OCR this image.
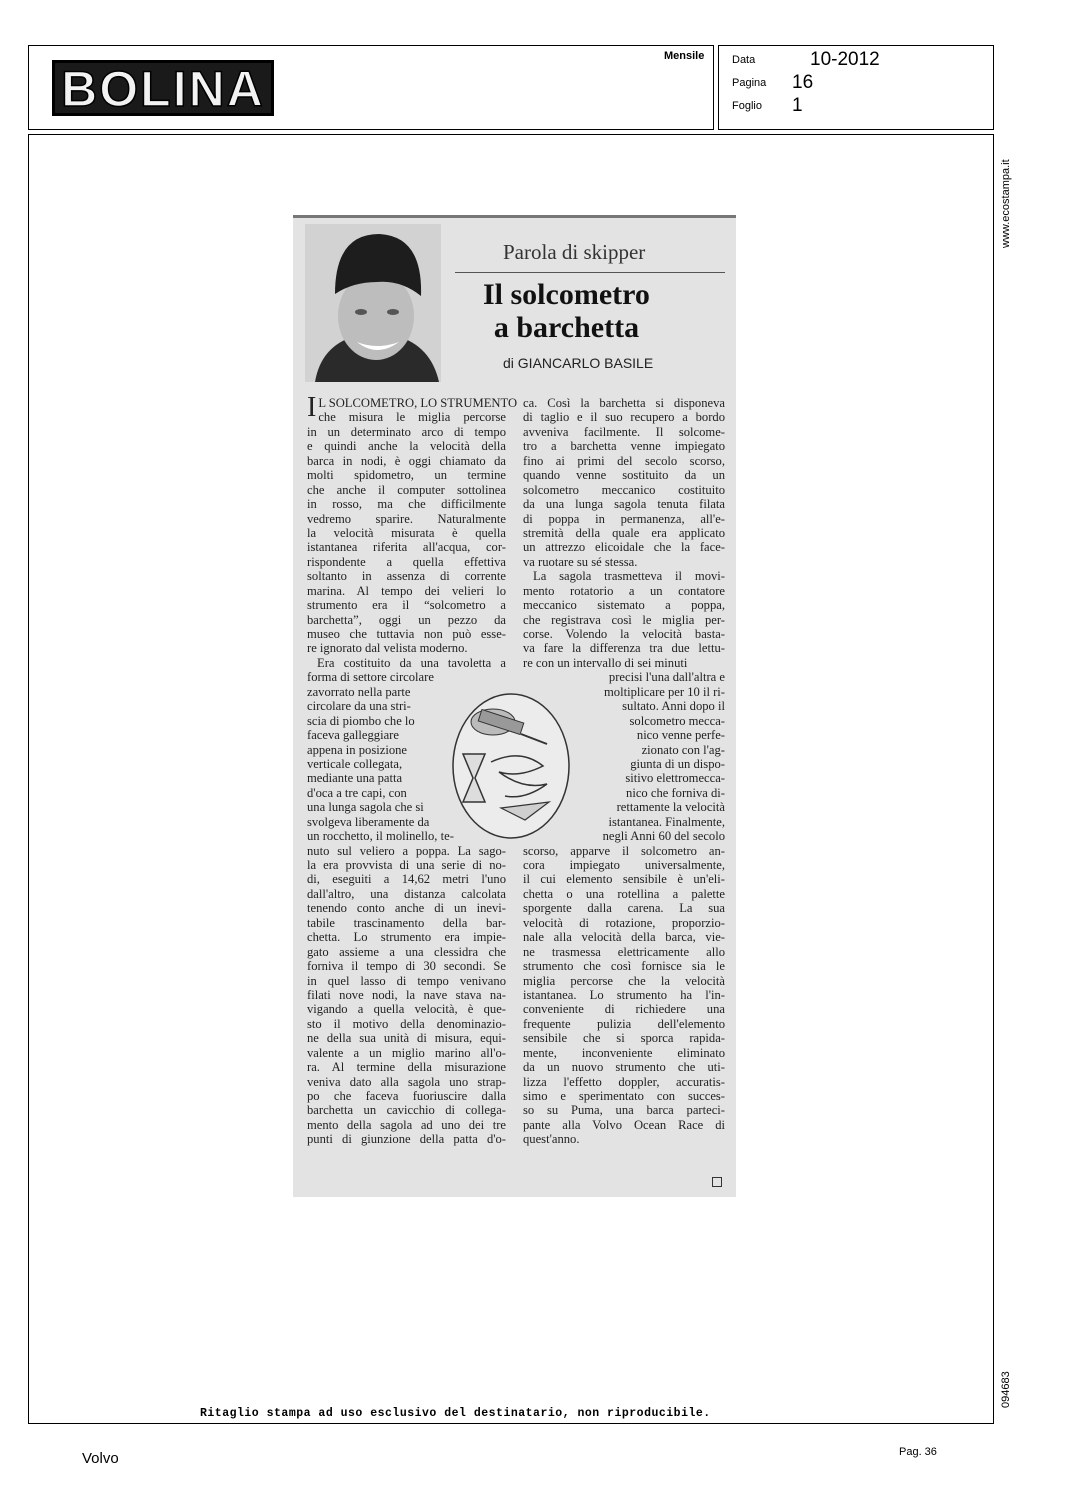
BOLINA
Mensile	Data	10-2012
Pagina 16
Foglio 1
www.ecostampa.it
094683
Parola di skipper
Il solcometro
a barchetta
di GIANCARLO BASILE

I L SOLCOMETRO, LO STRUMENTO

che misura le miglia percorse

in un determinato arco di tempo

e quindi anche la velocità della

barca in nodi, è oggi chiamato da

molti spidometro, un termine

che anche il computer sottolinea

in rosso, ma che difficilmente

vedremo sparire. Naturalmente

la velocità misurata è quella

istantanea riferita all'acqua, cor-

rispondente a quella effettiva

soltanto in assenza di corrente

marina. Al tempo dei velieri lo

strumento era il “solcometro a

barchetta”, oggi un pezzo da

museo che tuttavia non può esse-

re ignorato dal velista moderno.

Era costituito da una tavoletta a

forma di settore circolare

zavorrato nella parte

circolare da una stri-

scia di piombo che lo

faceva galleggiare

appena in posizione

verticale collegata,

mediante una patta

d'oca a tre capi, con

una lunga sagola che si

svolgeva liberamente da

un rocchetto, il molinello, te-

nuto sul veliero a poppa. La sago-

la era provvista di una serie di no-

di, eseguiti a 14,62 metri l'uno

dall'altro, una distanza calcolata

tenendo conto anche di un inevi-

tabile trascinamento della bar-

chetta. Lo strumento era impie-

gato assieme a una clessidra che

forniva il tempo di 30 secondi. Se

in quel lasso di tempo venivano

filati nove nodi, la nave stava na-

vigando a quella velocità, è que-

sto il motivo della denominazio-

ne della sua unità di misura, equi-

valente a un miglio marino all'o-

ra. Al termine della misurazione

veniva dato alla sagola uno strap-

po che faceva fuoriuscire dalla

barchetta un cavicchio di collega-

mento della sagola ad uno dei tre

punti di giunzione della patta d'o-

ca. Così la barchetta si disponeva

di taglio e il suo recupero a bordo

avveniva facilmente. Il solcome-

tro a barchetta venne impiegato

fino ai primi del secolo scorso,

quando venne sostituito da un

solcometro meccanico costituito

da una lunga sagola tenuta filata

di poppa in permanenza, all'e-

stremità della quale era applicato

un attrezzo elicoidale che la face-

va ruotare su sé stessa.

La sagola trasmetteva il movi-

mento rotatorio a un contatore

meccanico sistemato a poppa,

che registrava così le miglia per-

corse. Volendo la velocità basta-

va fare la differenza tra due lettu-

re con un intervallo di sei minuti

precisi l'una dall'altra e

moltiplicare per 10 il ri-

sultato. Anni dopo il

solcometro mecca-

nico venne perfe-

zionato con l'ag-

giunta di un dispo-

sitivo elettromecca-

nico che forniva di-

rettamente la velocità

istantanea. Finalmente,

negli Anni 60 del secolo

scorso, apparve il solcometro an-

cora impiegato universalmente,

il cui elemento sensibile è un'eli-

chetta o una rotellina a palette

sporgente dalla carena. La sua

velocità di rotazione, proporzio-

nale alla velocità della barca, vie-

ne trasmessa elettricamente allo

strumento che così fornisce sia le

miglia percorse che la velocità

istantanea. Lo strumento ha l'in-

conveniente di richiedere una

frequente pulizia dell'elemento

sensibile che si sporca rapida-

mente, inconveniente eliminato

da un nuovo strumento che uti-

lizza l'effetto doppler, accuratis-

simo e sperimentato con succes-

so su Puma, una barca parteci-

pante alla Volvo Ocean Race di

quest'anno.

Ritaglio stampa ad uso esclusivo del destinatario, non riproducibile.
Volvo	Pag. 36
